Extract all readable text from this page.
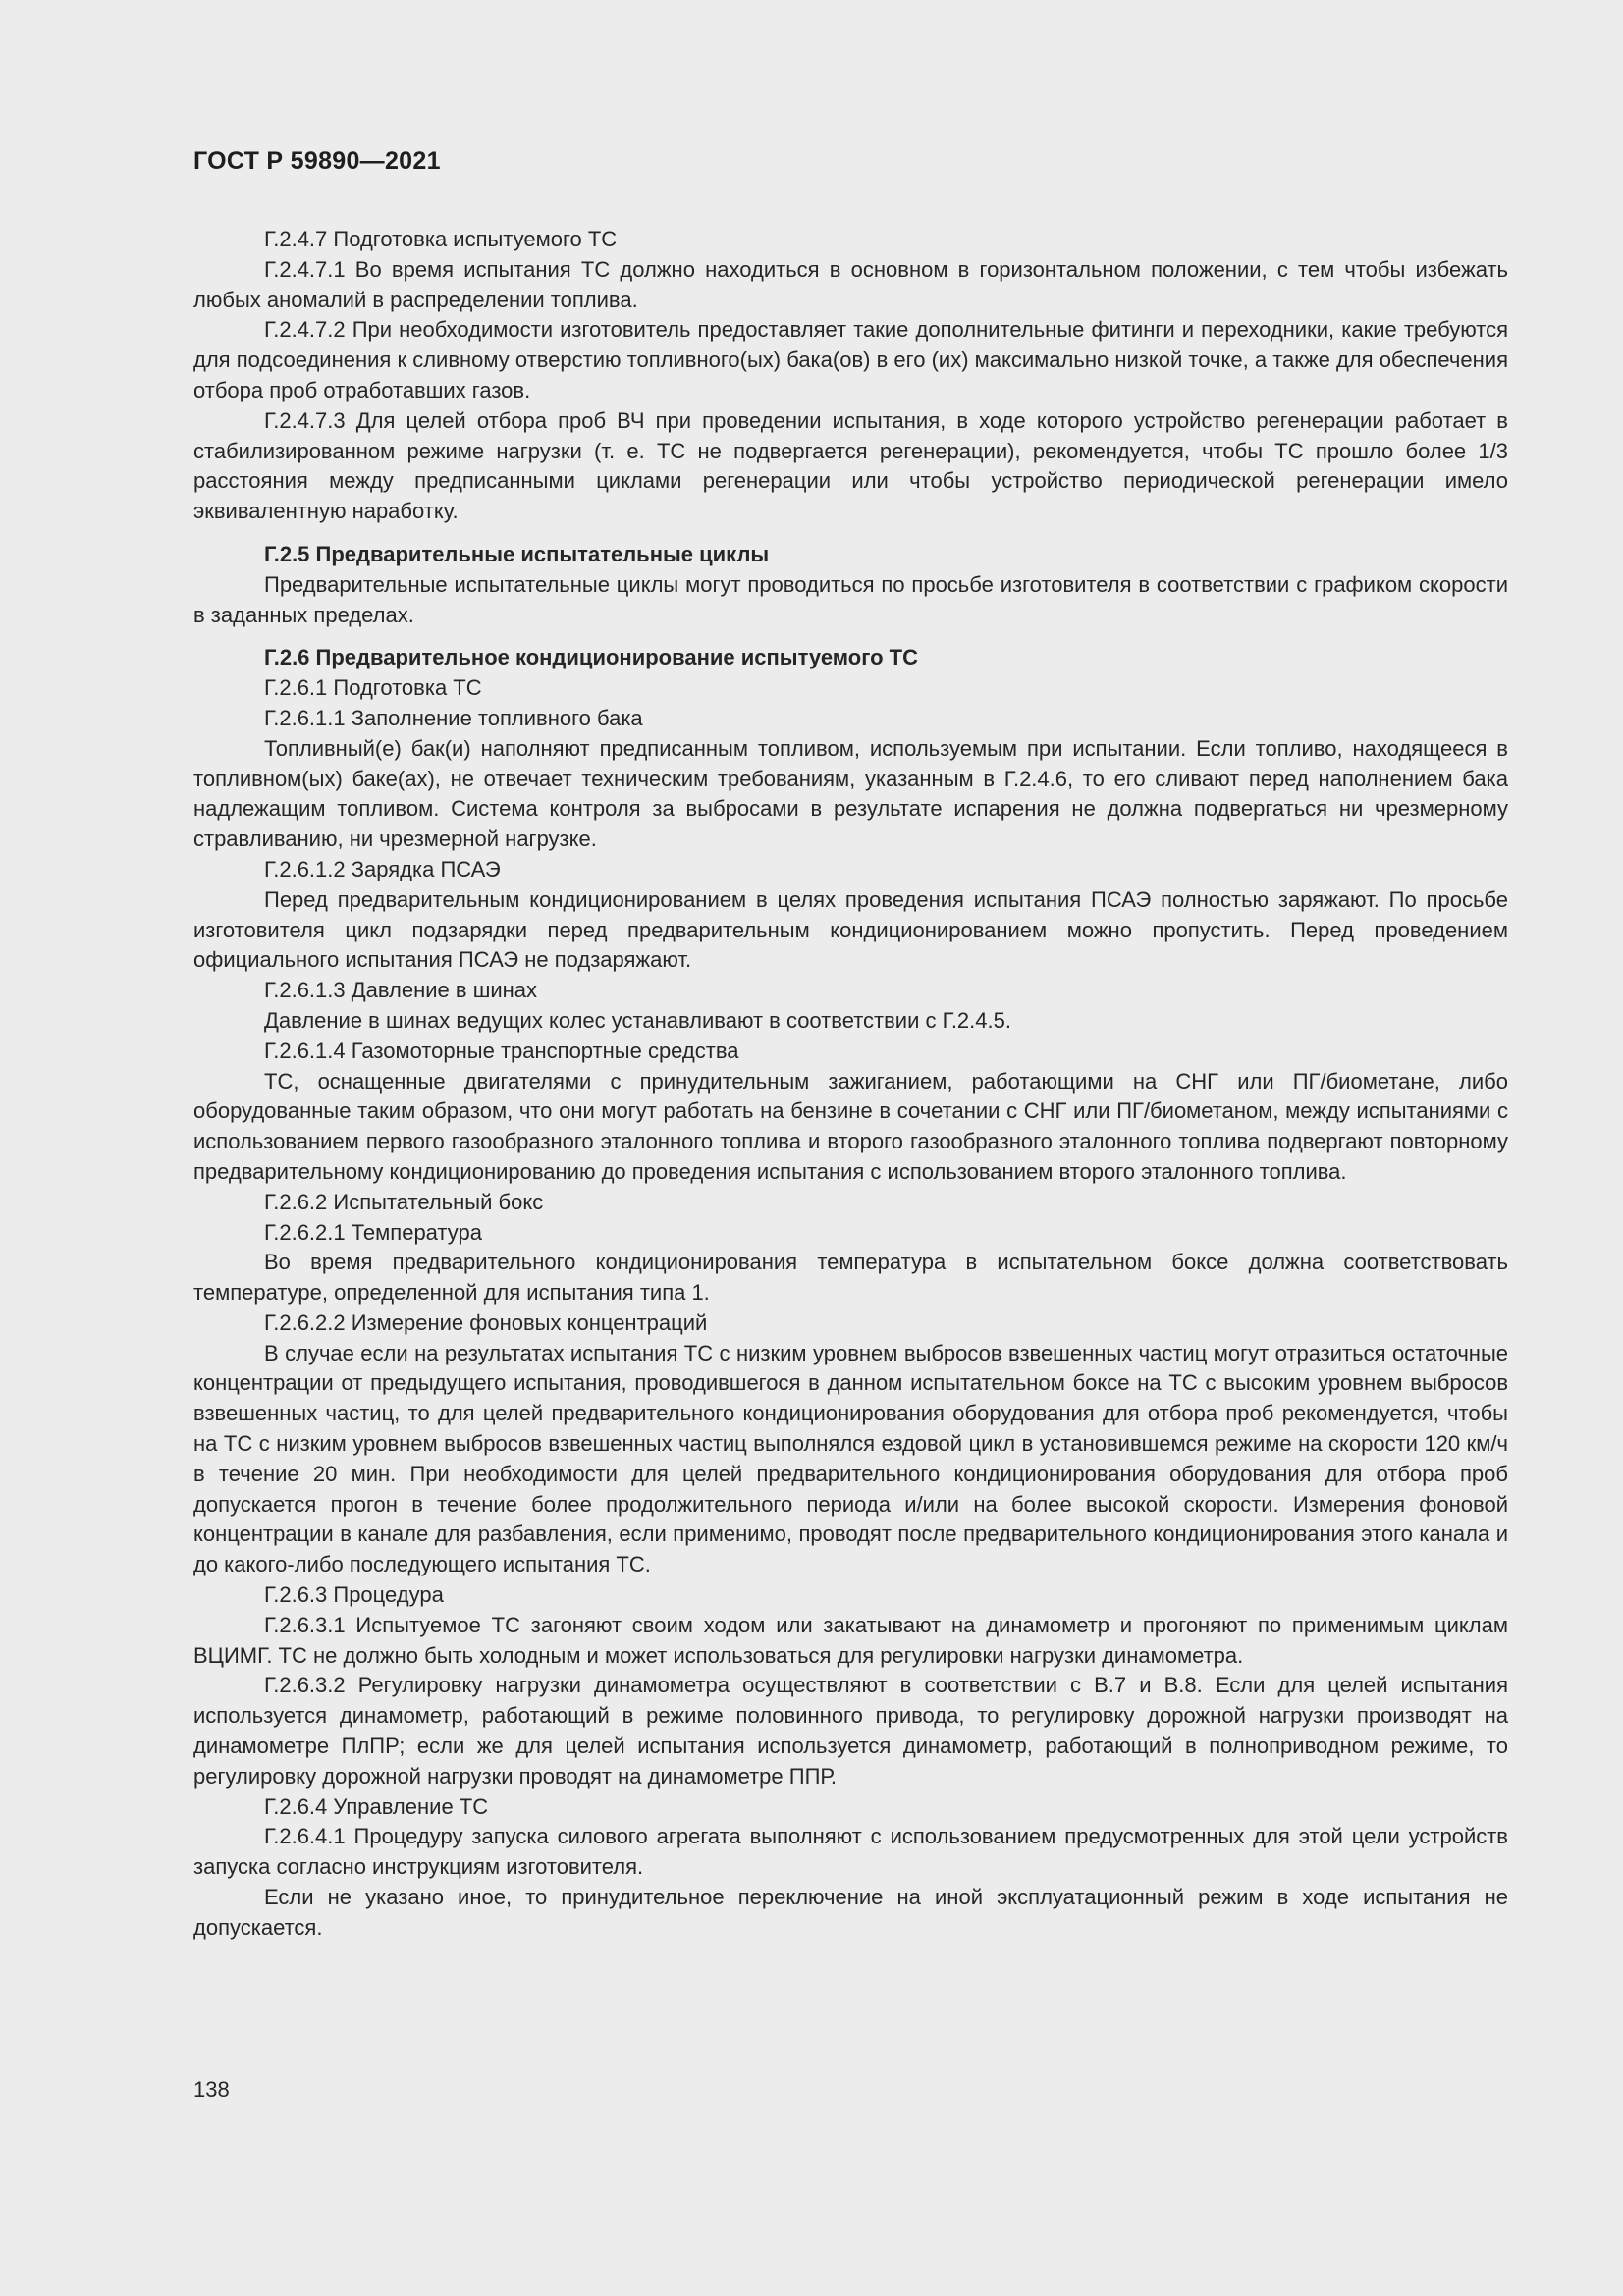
ГОСТ Р 59890—2021

Г.2.4.7 Подготовка испытуемого ТС

Г.2.4.7.1 Во время испытания ТС должно находиться в основном в горизонтальном положении, с тем чтобы избежать любых аномалий в распределении топлива.

Г.2.4.7.2 При необходимости изготовитель предоставляет такие дополнительные фитинги и переходники, какие требуются для подсоединения к сливному отверстию топливного(ых) бака(ов) в его (их) максимально низкой точке, а также для обеспечения отбора проб отработавших газов.

Г.2.4.7.3 Для целей отбора проб ВЧ при проведении испытания, в ходе которого устройство регенерации работает в стабилизированном режиме нагрузки (т. е. ТС не подвергается регенерации), рекомендуется, чтобы ТС прошло более 1/3 расстояния между предписанными циклами регенерации или чтобы устройство периодической регенерации имело эквивалентную наработку.

Г.2.5 Предварительные испытательные циклы

Предварительные испытательные циклы могут проводиться по просьбе изготовителя в соответствии с графиком скорости в заданных пределах.

Г.2.6 Предварительное кондиционирование испытуемого ТС

Г.2.6.1 Подготовка ТС

Г.2.6.1.1 Заполнение топливного бака

Топливный(е) бак(и) наполняют предписанным топливом, используемым при испытании. Если топливо, находящееся в топливном(ых) баке(ах), не отвечает техническим требованиям, указанным в Г.2.4.6, то его сливают перед наполнением бака надлежащим топливом. Система контроля за выбросами в результате испарения не должна подвергаться ни чрезмерному стравливанию, ни чрезмерной нагрузке.

Г.2.6.1.2 Зарядка ПСАЭ

Перед предварительным кондиционированием в целях проведения испытания ПСАЭ полностью заряжают. По просьбе изготовителя цикл подзарядки перед предварительным кондиционированием можно пропустить. Перед проведением официального испытания ПСАЭ не подзаряжают.

Г.2.6.1.3 Давление в шинах

Давление в шинах ведущих колес устанавливают в соответствии с Г.2.4.5.

Г.2.6.1.4 Газомоторные транспортные средства

ТС, оснащенные двигателями с принудительным зажиганием, работающими на СНГ или ПГ/биометане, либо оборудованные таким образом, что они могут работать на бензине в сочетании с СНГ или ПГ/биометаном, между испытаниями с использованием первого газообразного эталонного топлива и второго газообразного эталонного топлива подвергают повторному предварительному кондиционированию до проведения испытания с использованием второго эталонного топлива.

Г.2.6.2 Испытательный бокс

Г.2.6.2.1 Температура

Во время предварительного кондиционирования температура в испытательном боксе должна соответствовать температуре, определенной для испытания типа 1.

Г.2.6.2.2 Измерение фоновых концентраций

В случае если на результатах испытания ТС с низким уровнем выбросов взвешенных частиц могут отразиться остаточные концентрации от предыдущего испытания, проводившегося в данном испытательном боксе на ТС с высоким уровнем выбросов взвешенных частиц, то для целей предварительного кондиционирования оборудования для отбора проб рекомендуется, чтобы на ТС с низким уровнем выбросов взвешенных частиц выполнялся ездовой цикл в установившемся режиме на скорости 120 км/ч в течение 20 мин. При необходимости для целей предварительного кондиционирования оборудования для отбора проб допускается прогон в течение более продолжительного периода и/или на более высокой скорости. Измерения фоновой концентрации в канале для разбавления, если применимо, проводят после предварительного кондиционирования этого канала и до какого-либо последующего испытания ТС.

Г.2.6.3 Процедура

Г.2.6.3.1 Испытуемое ТС загоняют своим ходом или закатывают на динамометр и прогоняют по применимым циклам ВЦИМГ. ТС не должно быть холодным и может использоваться для регулировки нагрузки динамометра.

Г.2.6.3.2 Регулировку нагрузки динамометра осуществляют в соответствии с В.7 и В.8. Если для целей испытания используется динамометр, работающий в режиме половинного привода, то регулировку дорожной нагрузки производят на динамометре ПлПР; если же для целей испытания используется динамометр, работающий в полноприводном режиме, то регулировку дорожной нагрузки проводят на динамометре ППР.

Г.2.6.4 Управление ТС

Г.2.6.4.1 Процедуру запуска силового агрегата выполняют с использованием предусмотренных для этой цели устройств запуска согласно инструкциям изготовителя.

Если не указано иное, то принудительное переключение на иной эксплуатационный режим в ходе испытания не допускается.

138
